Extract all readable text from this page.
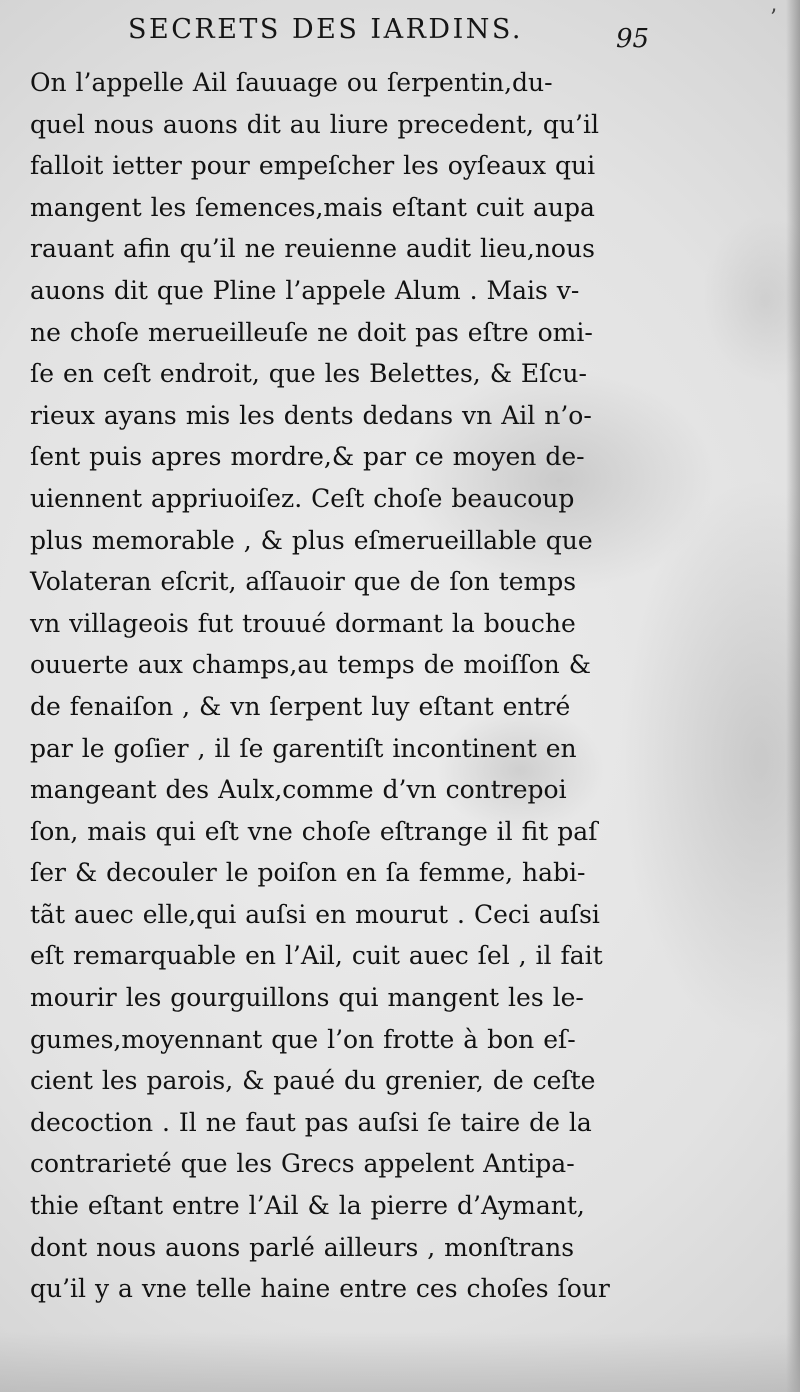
SECRETS DES IARDINS.	95
’
On l’appelle Ail ſauuage ou ſerpentin,du-
quel nous auons dit au liure precedent, qu’il
falloit ietter pour empeſcher les oyſeaux qui
mangent les ſemences,mais eſtant cuit aupa
rauant afin qu’il ne reuienne audit lieu,nous
auons dit que Pline l’appele Alum . Mais v-
ne choſe merueilleuſe ne doit pas eſtre omi-
ſe en ceſt endroit, que les Belettes, & Eſcu-
rieux ayans mis les dents dedans vn Ail n’o-
ſent puis apres mordre,& par ce moyen de-
uiennent appriuoiſez. Ceſt choſe beaucoup
plus memorable , & plus eſmerueillable que
Volateran eſcrit, aſſauoir que de ſon temps
vn villageois fut trouué dormant la bouche
ouuerte aux champs,au temps de moiſſon &
de fenaiſon , & vn ſerpent luy eſtant entré
par le goſier , il ſe garentiſt incontinent en
mangeant des Aulx,comme d’vn contrepoi
ſon, mais qui eſt vne choſe eſtrange il fit paſ
ſer & decouler le poiſon en ſa femme, habi-
tãt auec elle,qui auſsi en mourut . Ceci auſsi
eſt remarquable en l’Ail, cuit auec ſel , il fait
mourir les gourguillons qui mangent les le-
gumes,moyennant que l’on frotte à bon eſ-
cient les parois, & paué du grenier, de ceſte
decoction . Il ne faut pas auſsi ſe taire de la
contrarieté que les Grecs appelent Antipa-
thie eſtant entre l’Ail & la pierre d’Aymant,
dont nous auons parlé ailleurs , monſtrans
qu’il y a vne telle haine entre ces choſes ſour
